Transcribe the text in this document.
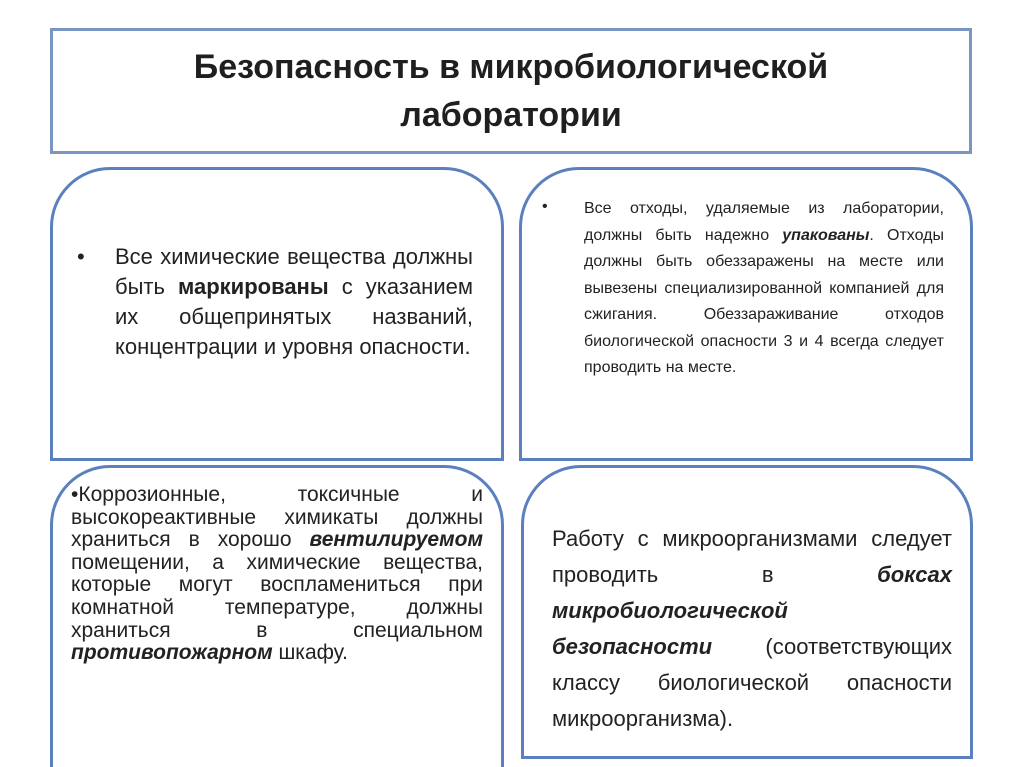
Безопасность в микробиологической
лаборатории
• Все химические вещества должны быть маркированы с указанием их общепринятых названий, концентрации и уровня опасности.
• Все отходы, удаляемые из лаборатории, должны быть надежно упакованы. Отходы должны быть обеззаражены на месте или вывезены специализированной компанией для сжигания. Обеззараживание отходов биологической опасности 3 и 4 всегда следует проводить на месте.
•Коррозионные, токсичные и высокореактивные химикаты должны храниться в хорошо вентилируемом помещении, а химические вещества, которые могут воспламениться при комнатной температуре, должны храниться в специальном противопожарном шкафу.
Работу с микроорганизмами следует проводить в боксах микробиологической безопасности (соответствующих классу биологической опасности микроорганизма).
